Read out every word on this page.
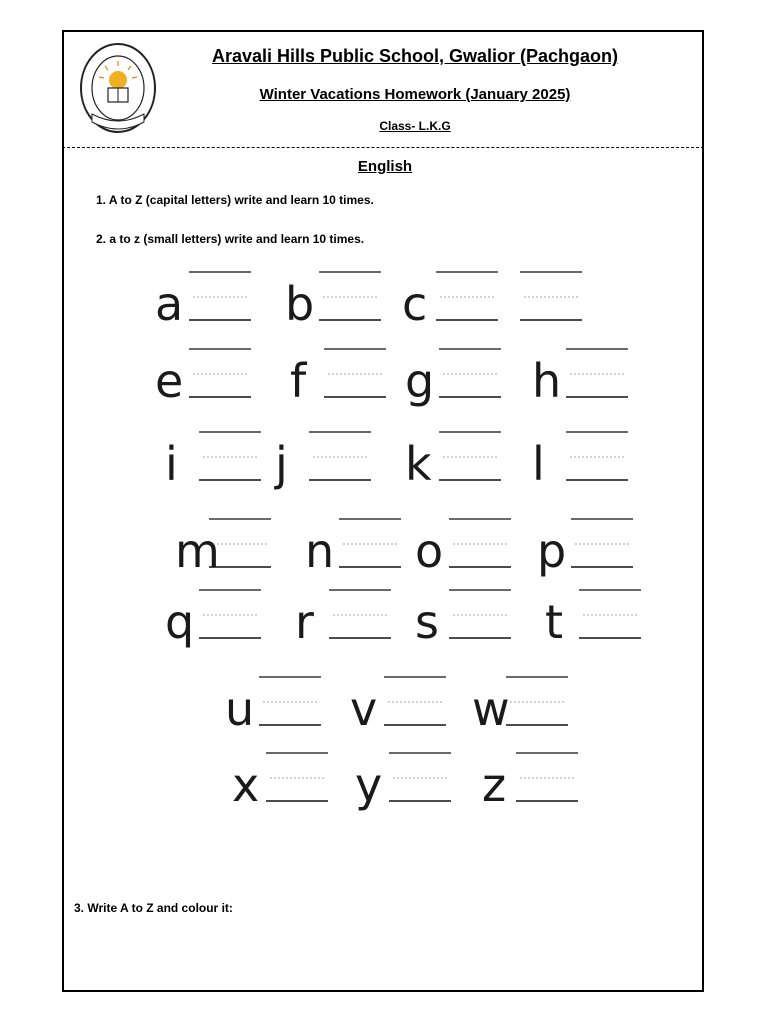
Aravali Hills Public School, Gwalior (Pachgaon)
Winter Vacations Homework (January 2025)
Class- L.K.G
English
1. A to Z (capital letters) write and learn 10 times.
2. a to z (small letters) write and learn 10 times.
3. Write A to Z and colour it:
a b c
e f g h
i j	k l
m n o p
q r s t
u v w
x y z
